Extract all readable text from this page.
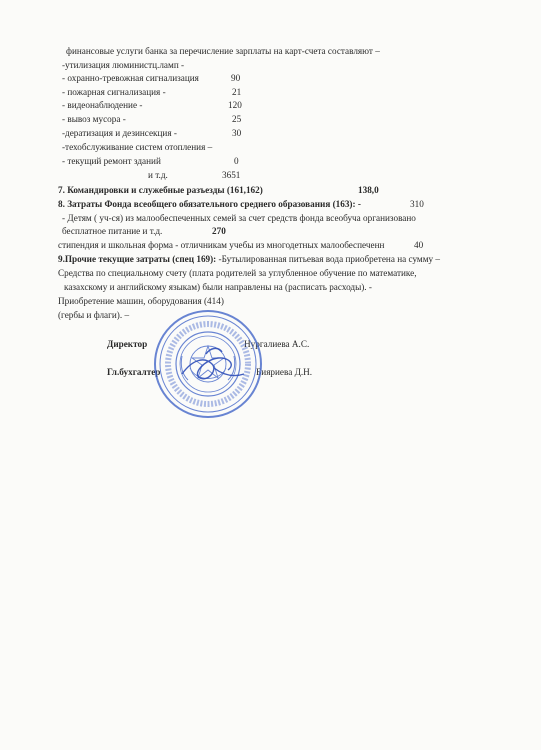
финансовые услуги банка за перечисление зарплаты на карт-счета составляют –
-утилизация люминистц.ламп -
- охранно-тревожная сигнализация	90
- пожарная сигнализация -	21
- видеонаблюдение -	120
- вывоз мусора -	25
-дератизация и дезинсекция -	30
-техобслуживание систем отопления –
- текущий ремонт зданий	0
и т.д.	3651
7. Командировки и служебные разъезды (161,162)	138,0
8. Затраты Фонда всеобщего обязательного среднего образования (163): -	310
- Детям ( уч-ся) из малообеспеченных семей за счет средств фонда всеобуча организовано
бесплатное питание и т.д.	270
стипендия и школьная форма - отличникам учебы из многодетных малообеспеченн	40
9.Прочие текущие затраты (спец 169): -Бутылированная питьевая вода приобретена на сумму –
Средства по специальному счету (плата родителей за углубленное обучение по математике,
казахскому и английскому языкам) были направлены на (расписать расходы). -
Приобретение машин, оборудования (414)
(гербы и флаги). –
Директор	Нургалиева А.С.
Гл.бухгалтер	Бияриева Д.Н.
